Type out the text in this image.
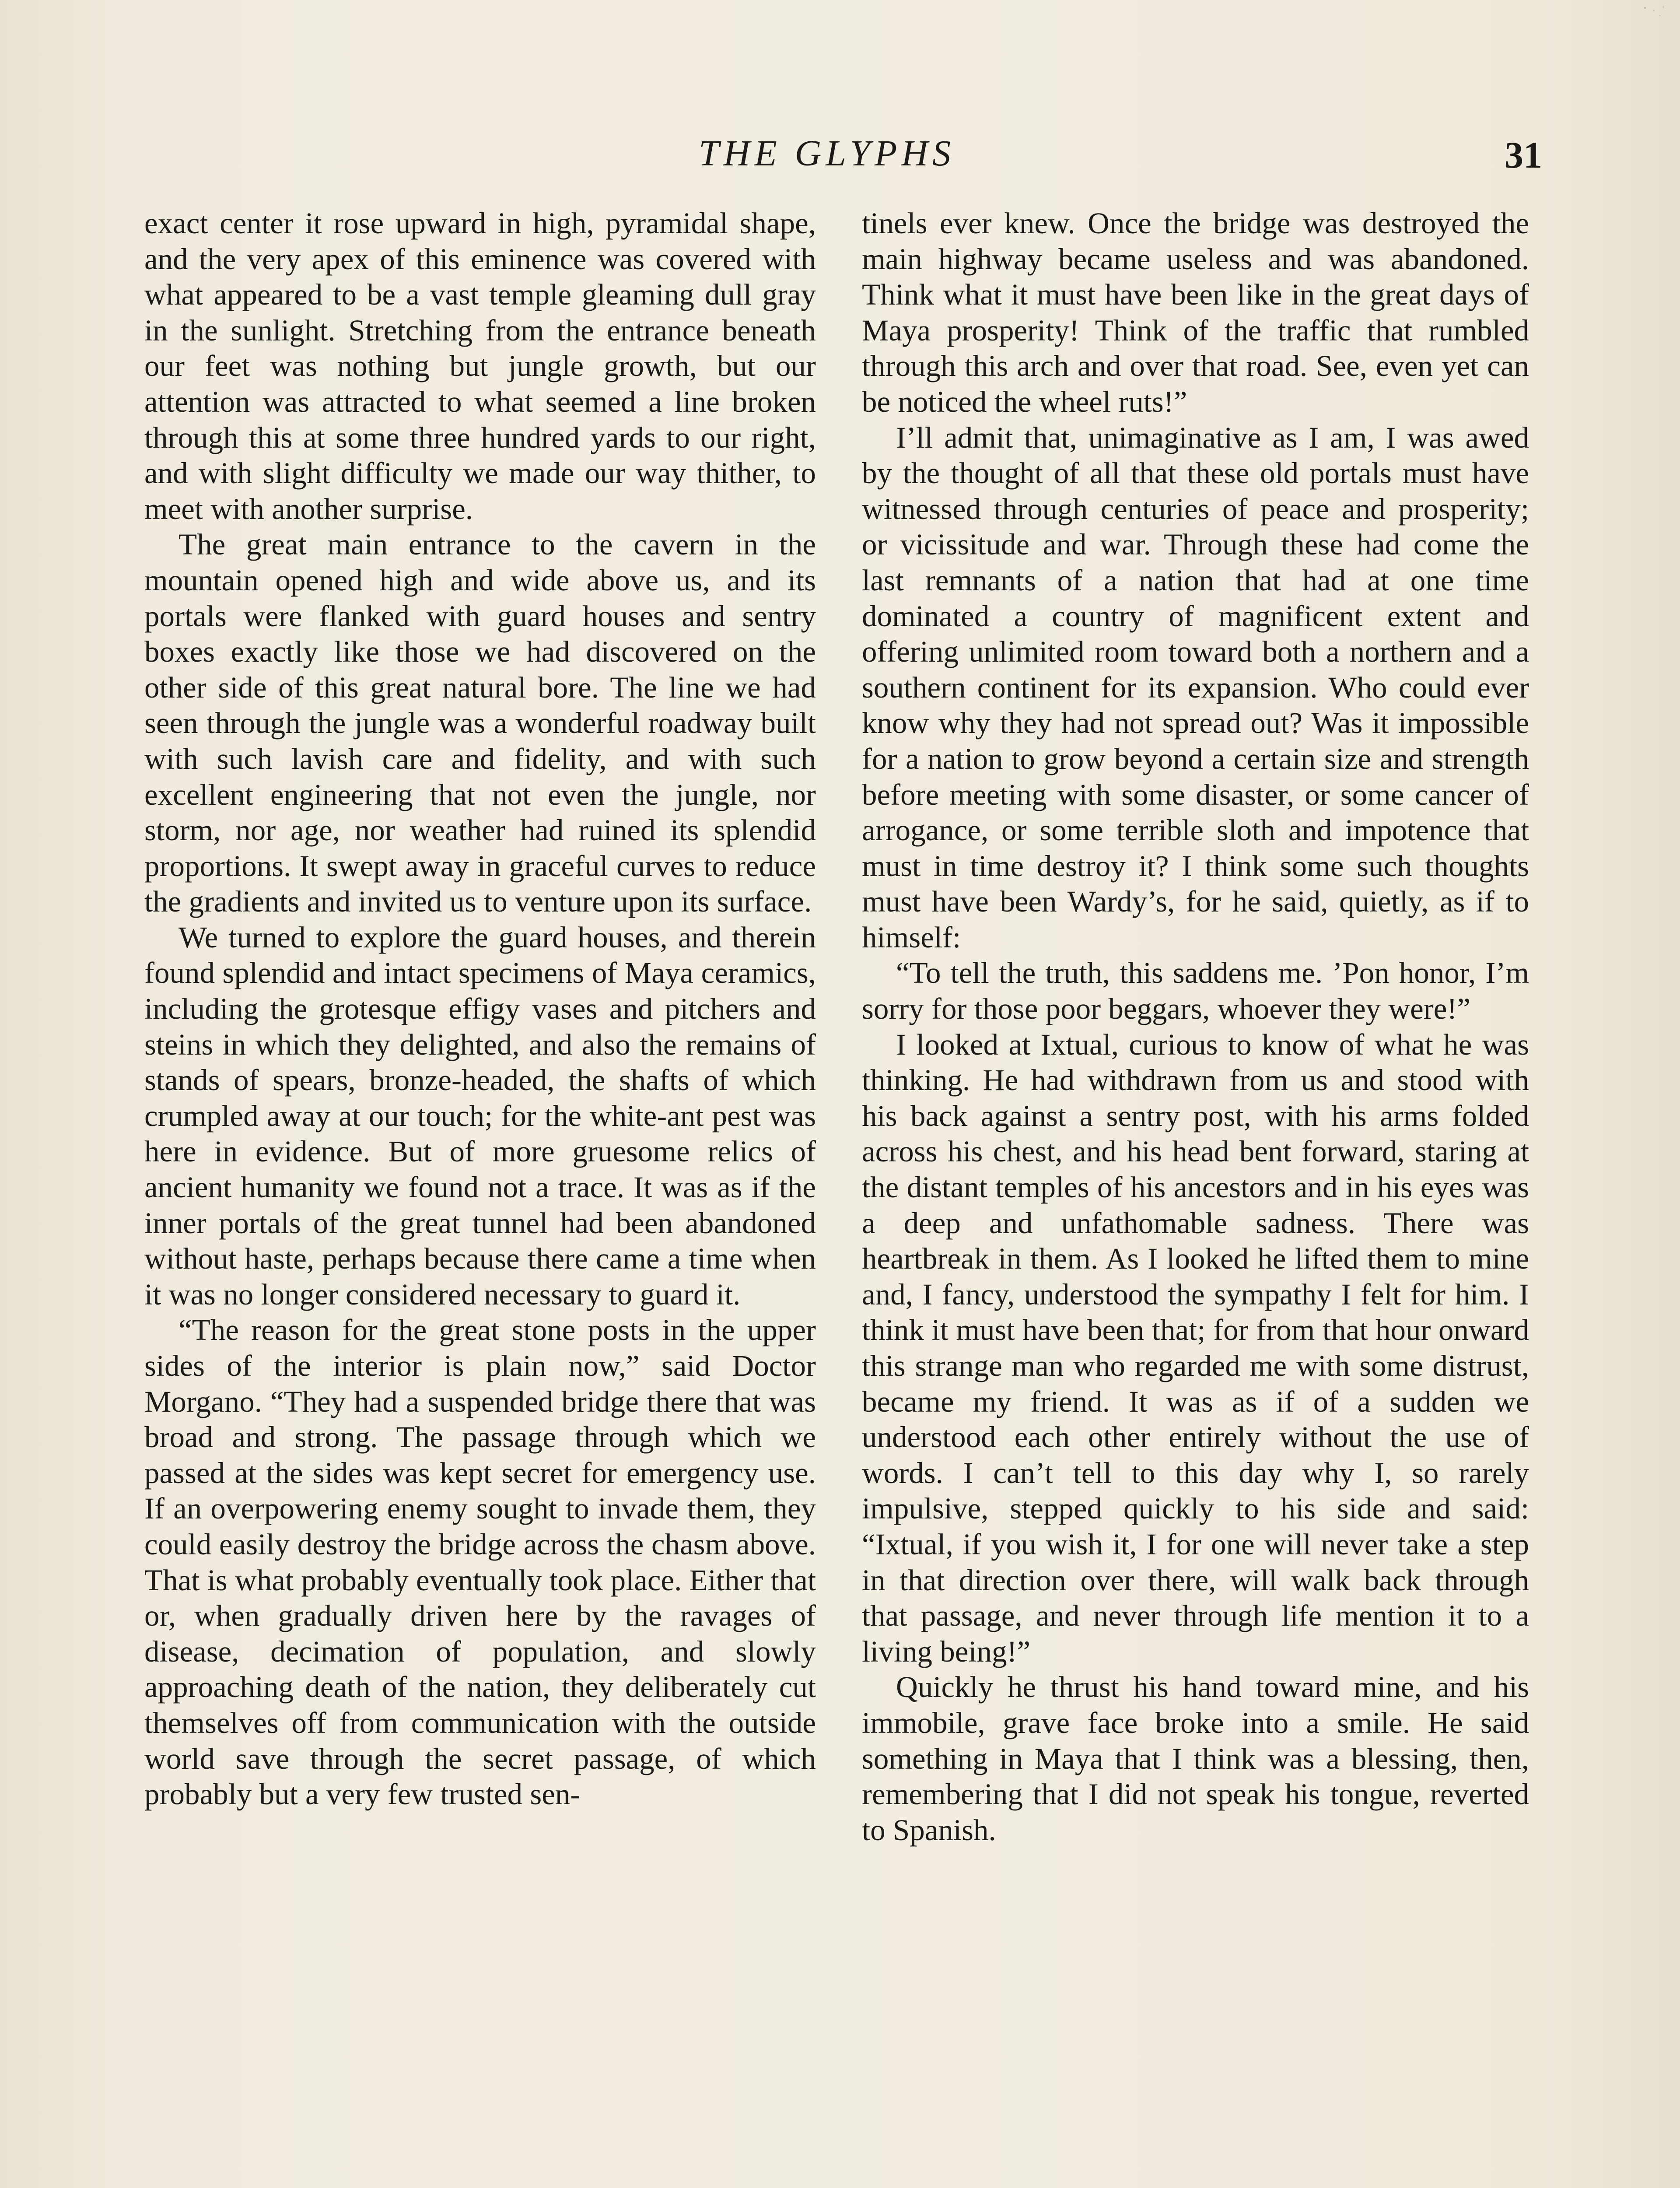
THE GLYPHS	31

exact center it rose upward in high, pyramidal shape, and the very apex of this eminence was covered with what appeared to be a vast temple gleaming dull gray in the sunlight. Stretching from the entrance beneath our feet was nothing but jungle growth, but our attention was attracted to what seemed a line broken through this at some three hundred yards to our right, and with slight difficulty we made our way thither, to meet with another surprise.

The great main entrance to the cavern in the mountain opened high and wide above us, and its portals were flanked with guard houses and sentry boxes exactly like those we had discovered on the other side of this great natural bore. The line we had seen through the jungle was a wonderful roadway built with such lavish care and fidelity, and with such excellent engineering that not even the jungle, nor storm, nor age, nor weather had ruined its splendid proportions. It swept away in graceful curves to reduce the gradients and invited us to venture upon its surface.

We turned to explore the guard houses, and therein found splendid and intact specimens of Maya ceramics, including the grotesque effigy vases and pitchers and steins in which they delighted, and also the remains of stands of spears, bronze-headed, the shafts of which crumpled away at our touch; for the white-ant pest was here in evidence. But of more gruesome relics of ancient humanity we found not a trace. It was as if the inner portals of the great tunnel had been abandoned without haste, perhaps because there came a time when it was no longer considered necessary to guard it.

“The reason for the great stone posts in the upper sides of the interior is plain now,” said Doctor Morgano. “They had a suspended bridge there that was broad and strong. The passage through which we passed at the sides was kept secret for emergency use. If an overpowering enemy sought to invade them, they could easily destroy the bridge across the chasm above. That is what probably eventually took place. Either that or, when gradually driven here by the ravages of disease, decimation of population, and slowly approaching death of the nation, they deliberately cut themselves off from communication with the outside world save through the secret passage, of which probably but a very few trusted sen-

tinels ever knew. Once the bridge was destroyed the main highway became useless and was abandoned. Think what it must have been like in the great days of Maya prosperity! Think of the traffic that rumbled through this arch and over that road. See, even yet can be noticed the wheel ruts!”

I’ll admit that, unimaginative as I am, I was awed by the thought of all that these old portals must have witnessed through centuries of peace and prosperity; or vicissitude and war. Through these had come the last remnants of a nation that had at one time dominated a country of magnificent extent and offering unlimited room toward both a northern and a southern continent for its expansion. Who could ever know why they had not spread out? Was it impossible for a nation to grow beyond a certain size and strength before meeting with some disaster, or some cancer of arrogance, or some terrible sloth and impotence that must in time destroy it? I think some such thoughts must have been Wardy’s, for he said, quietly, as if to himself:

“To tell the truth, this saddens me. ’Pon honor, I’m sorry for those poor beggars, whoever they were!”

I looked at Ixtual, curious to know of what he was thinking. He had withdrawn from us and stood with his back against a sentry post, with his arms folded across his chest, and his head bent forward, staring at the distant temples of his ancestors and in his eyes was a deep and unfathomable sadness. There was heartbreak in them. As I looked he lifted them to mine and, I fancy, understood the sympathy I felt for him. I think it must have been that; for from that hour onward this strange man who regarded me with some distrust, became my friend. It was as if of a sudden we understood each other entirely without the use of words. I can’t tell to this day why I, so rarely impulsive, stepped quickly to his side and said: “Ixtual, if you wish it, I for one will never take a step in that direction over there, will walk back through that passage, and never through life mention it to a living being!”

Quickly he thrust his hand toward mine, and his immobile, grave face broke into a smile. He said something in Maya that I think was a blessing, then, remembering that I did not speak his tongue, reverted to Spanish.
